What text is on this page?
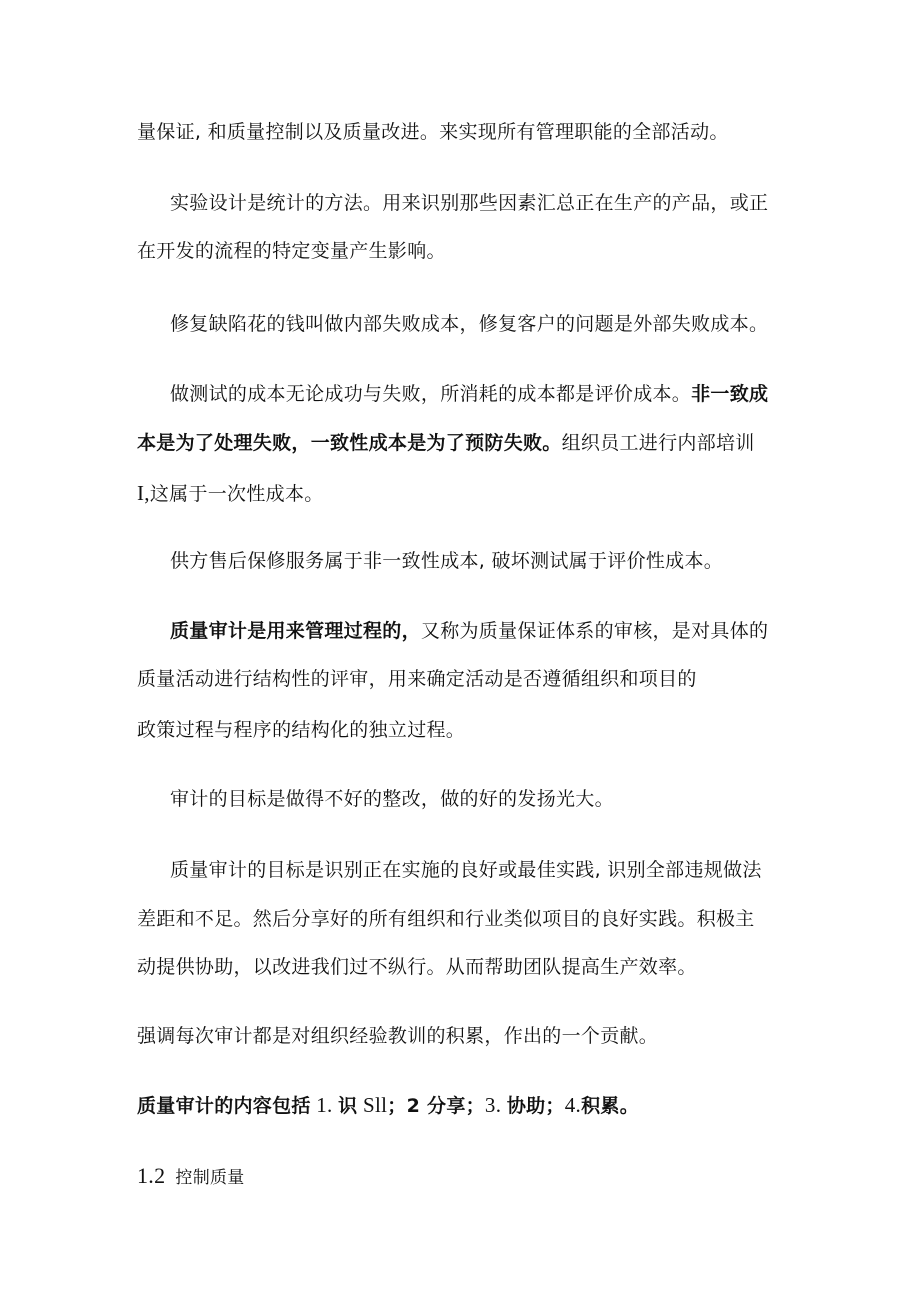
量保证, 和质量控制以及质量改进。来实现所有管理职能的全部活动。
实验设计是统计的方法。用来识别那些因素汇总正在生产的产品，或正
在开发的流程的特定变量产生影响。
修复缺陷花的钱叫做内部失败成本，修复客户的问题是外部失败成本。
做测试的成本无论成功与失败，所消耗的成本都是评价成本。非一致成
本是为了处理失败，一致性成本是为了预防失败。组织员工进行内部培训
I,这属于一次性成本。
供方售后保修服务属于非一致性成本, 破坏测试属于评价性成本。
质量审计是用来管理过程的，又称为质量保证体系的审核，是对具体的
质量活动进行结构性的评审，用来确定活动是否遵循组织和项目的
政策过程与程序的结构化的独立过程。
审计的目标是做得不好的整改，做的好的发扬光大。
质量审计的目标是识别正在实施的良好或最佳实践, 识别全部违规做法
差距和不足。然后分享好的所有组织和行业类似项目的良好实践。积极主
动提供协助，以改进我们过不纵行。从而帮助团队提高生产效率。
强调每次审计都是对组织经验教训的积累，作出的一个贡献。
质量审计的内容包括 1. 识 Sll；2 分享；3. 协助；4.积累。
1.2 控制质量
